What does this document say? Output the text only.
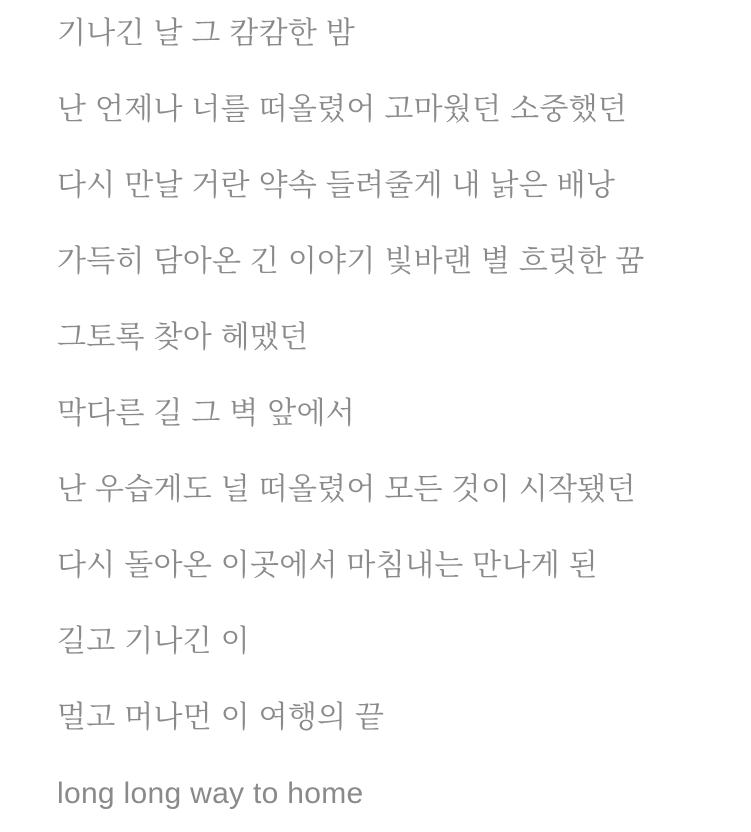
기나긴 날 그 캄캄한 밤

난 언제나 너를 떠올렸어 고마웠던 소중했던

다시 만날 거란 약속 들려줄게 내 낡은 배낭

가득히 담아온 긴 이야기 빛바랜 별 흐릿한 꿈

그토록 찾아 헤맸던

막다른 길 그 벽 앞에서

난 우습게도 널 떠올렸어 모든 것이 시작됐던

다시 돌아온 이곳에서 마침내는 만나게 된

길고 기나긴 이

멀고 머나먼 이 여행의 끝

long long way to home
